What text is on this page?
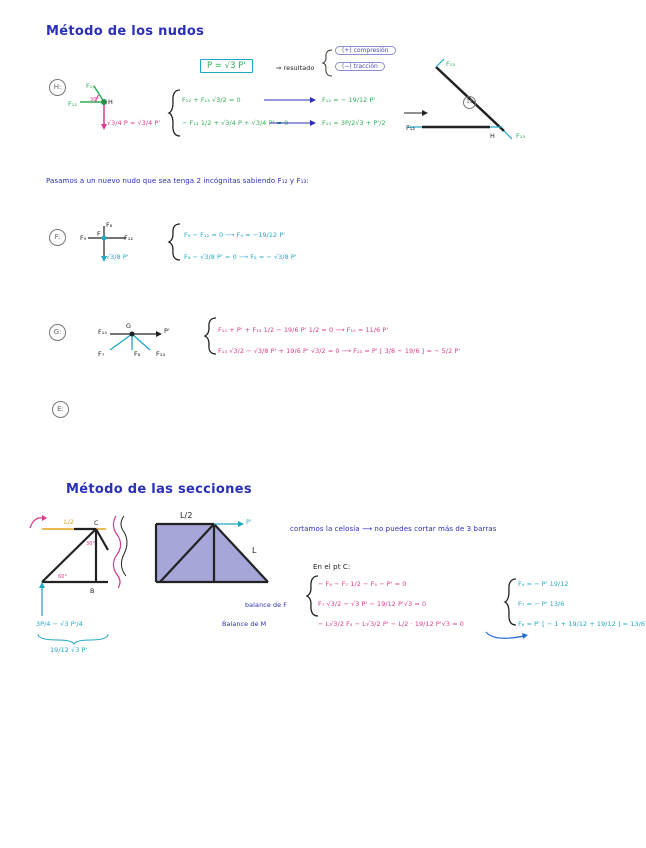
Método de los nudos
P = √3 P'	⇒ resultado
(+) compresión
(−) tracción
H:	F₁₃
F₁₂	H
30°
√3/4 P = √3/4 P'
F₁₂ + F₁₃ √3/2 = 0
− F₁₃ 1/2 + √3/4 P + √3/4 P' = 0
F₁₂ = − 19/12 P'
F₁₃ = 3P/2√3 + P'/2
F₁₃
13
F₁₂
H	F₁₃
Pasamos a un nuevo nudo que sea tenga 2 incógnitas sabiendo F₁₂ y F₁₃:
F:
F₈
F₉	F₁₂
F
√3/8 P'
F₉ − F₁₂ = 0 ⟶ F₉ = −19/12 P'
F₈ − √3/8 P' = 0 ⟶ F₈ = − √3/8 P'
G:	F₁₀	P'
G
F₇	F₈ F₁₃
F₁₀ + P' + F₁₃ 1/2 − 19/6 P' 1/2 = 0 ⟶ F₁₀ = 11/6 P'
F₁₃ √3/2 − √3/8 P' + 19/6 P' √3/2 = 0 ⟶ F₁₃ = P' [ 3/8 − 19/6 ] = − 5/2 P'
E:
Método de las secciones
L/2
L/2
L
30°
60°
C
B
P'
3P/4 − √3 P'/4
19/12 √3 P'
cortamos la celosía ⟶ no puedes cortar más de 3 barras
En el pt C:
balance de F
Balance de M
− F₆ − F₇ 1/2 − F₄ − P' = 0
F₇ √3/2 − √3 P' − 19/12 P'√3 = 0
− L√3/2 F₄ − L√3/2 P' − L/2 · 19/12 P'√3 = 0
F₄ = − P' 19/12
F₇ = − P' 13/6
F₆ = P' [ − 1 + 19/12 + 19/12 ] = 13/6
